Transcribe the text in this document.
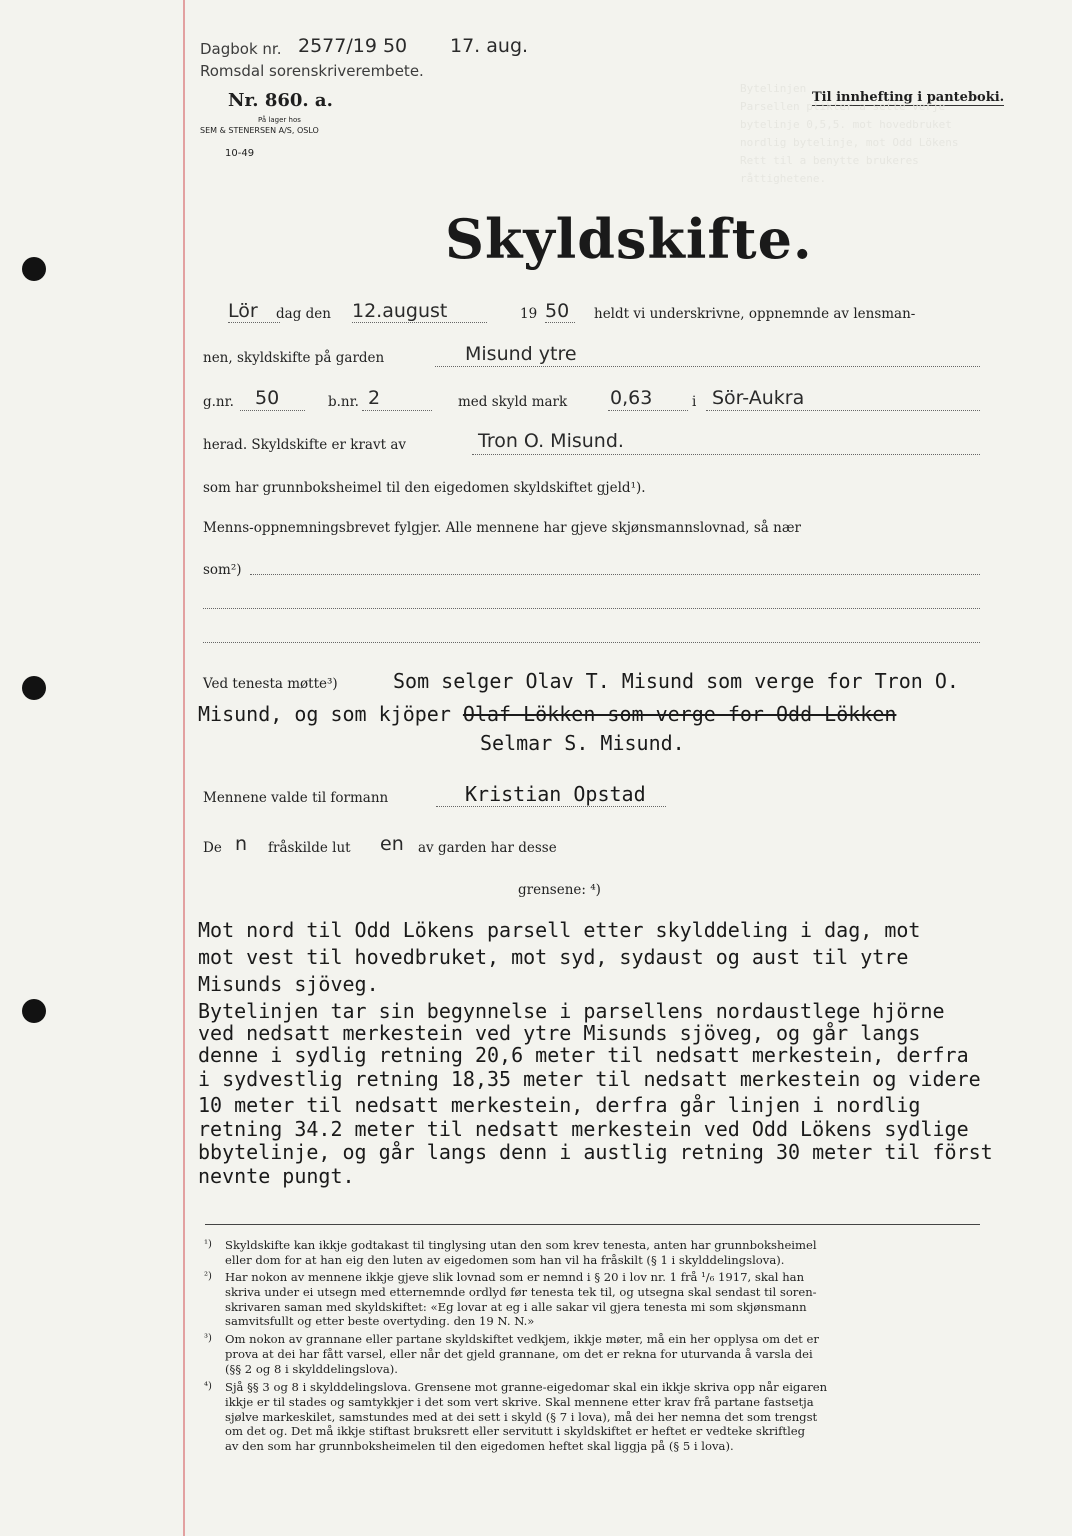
Dagbok nr. 2577/19 50 17. aug.
Romsdal sorenskriverembete.
Nr. 860. a.
På lager hos
SEM & STENERSEN A/S, OSLO
10-49
Til innhefting i panteboki.
Bytelinjen
Parsellen plikter a sette verje
bytelinje 0,5,5. mot hovedbruket
nordlig bytelinje, mot Odd Lökens
Rett til a benytte brukeres
råttighetene.
Skyldskifte.
Lör dag den 12.august	19 50 heldt vi underskrivne, oppnemnde av lensman-
nen, skyldskifte på garden	Misund ytre
g.nr. 50	b.nr. 2	med skyld mark 0,63	i Sör-Aukra
herad. Skyldskifte er kravt av	Tron O. Misund.
som har grunnboksheimel til den eigedomen skyldskiftet gjeld¹).
Menns-oppnemningsbrevet fylgjer. Alle mennene har gjeve skjønsmannslovnad, så nær
som²)
Ved tenesta møtte³)	Som selger Olav T. Misund som verge for Tron O.
Misund, og som kjöper Olaf Lökken som verge for Odd Lökken
Selmar S. Misund.
Mennene valde til formann	Kristian Opstad
De n fråskilde lut en av garden har desse
grensene: ⁴)
Mot nord til Odd Lökens parsell etter skylddeling i dag, mot
mot vest til hovedbruket, mot syd, sydaust og aust til ytre
Misunds sjöveg.
Bytelinjen tar sin begynnelse i parsellens nordaustlege hjörne
ved nedsatt merkestein ved ytre Misunds sjöveg, og går langs
denne i sydlig retning 20,6 meter til nedsatt merkestein, derfra
i sydvestlig retning 18,35 meter til nedsatt merkestein og videre
10 meter til nedsatt merkestein, derfra går linjen i nordlig
retning 34.2 meter til nedsatt merkestein ved Odd Lökens sydlige
bbytelinje, og går langs denn i austlig retning 30 meter til först
nevnte pungt.
¹) Skyldskifte kan ikkje godtakast til tinglysing utan den som krev tenesta, anten har grunnboksheimel
eller dom for at han eig den luten av eigedomen som han vil ha fråskilt (§ 1 i skylddelingslova).
²) Har nokon av mennene ikkje gjeve slik lovnad som er nemnd i § 20 i lov nr. 1 frå ¹/₆ 1917, skal han
skriva under ei utsegn med etternemnde ordlyd før tenesta tek til, og utsegna skal sendast til soren-
skrivaren saman med skyldskiftet: «Eg lovar at eg i alle sakar vil gjera tenesta mi som skjønsmann
samvitsfullt og etter beste overtyding. den 19 N. N.»
³) Om nokon av grannane eller partane skyldskiftet vedkjem, ikkje møter, må ein her opplysa om det er
prova at dei har fått varsel, eller når det gjeld grannane, om det er rekna for uturvanda å varsla dei
(§§ 2 og 8 i skylddelingslova).
⁴) Sjå §§ 3 og 8 i skylddelingslova. Grensene mot granne-eigedomar skal ein ikkje skriva opp når eigaren
ikkje er til stades og samtykkjer i det som vert skrive. Skal mennene etter krav frå partane fastsetja
sjølve markeskilet, samstundes med at dei sett i skyld (§ 7 i lova), må dei her nemna det som trengst
om det og. Det må ikkje stiftast bruksrett eller servitutt i skyldskiftet er heftet er vedteke skriftleg
av den som har grunnboksheimelen til den eigedomen heftet skal liggja på (§ 5 i lova).
